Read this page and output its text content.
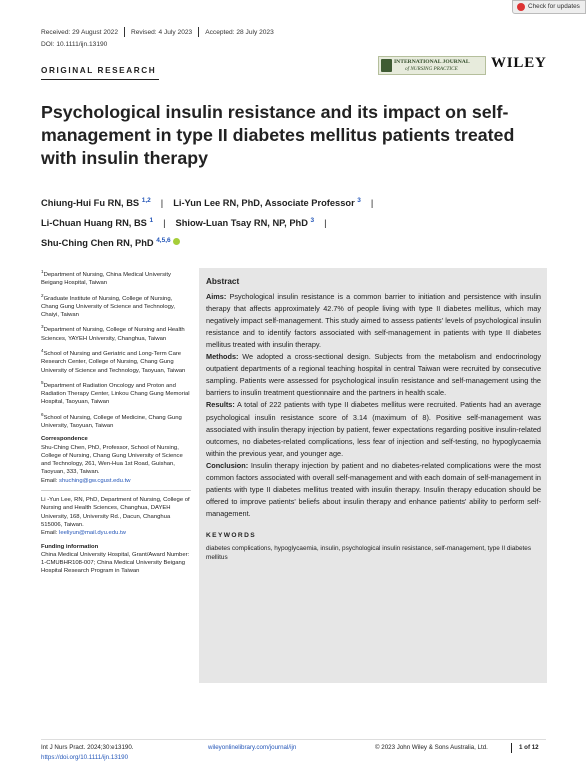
Check for updates
Received: 29 August 2022 Revised: 4 July 2023 Accepted: 28 July 2023
DOI: 10.1111/ijn.13190
ORIGINAL RESEARCH
INTERNATIONAL JOURNAL
of NURSING PRACTICE WILEY
Psychological insulin resistance and its impact on self-management in type II diabetes mellitus patients treated with insulin therapy
Chiung-Hui Fu RN, BS $^{1,2}$ | Li-Yun Lee RN, PhD, Associate Professor $^3$ |
Li-Chuan Huang RN, BS $^1$ | Shiow-Luan Tsay RN, NP, PhD $^3$ |
Shu-Ching Chen RN, PhD $^{4,5,6}$

$^1$Department of Nursing, China Medical University Beigang Hospital, Taiwan

$^2$Graduate Institute of Nursing, College of Nursing, Chang Gung University of Science and Technology, Chaiyi, Taiwan

$^3$Department of Nursing, College of Nursing and Health Sciences, YAYEH University, Changhua, Taiwan

$^4$School of Nursing and Geriatric and Long-Term Care Research Center, College of Nursing, Chang Gung University of Science and Technology, Taoyuan, Taiwan

$^5$Department of Radiation Oncology and Proton and Radiation Therapy Center, Linkou Chang Gung Memorial Hospital, Taoyuan, Taiwan

$^6$School of Nursing, College of Medicine, Chang Gung University, Taoyuan, Taiwan

Correspondence

Shu-Ching Chen, PhD, Professor, School of Nursing, College of Nursing, Chang Gung University of Science and Technology, 261, Wen-Hua 1st Road, Guishan, Taoyuan, 333, Taiwan.
Email: shuching@gw.cgust.edu.tw

Li -Yun Lee, RN, PhD, Department of Nursing, College of Nursing and Health Sciences, Changhua, DAYEH University, 168, University Rd., Dacun, Changhua 515006, Taiwan.
Email: leeliyun@mail.dyu.edu.tw

Funding information

China Medical University Hospital, Grant/Award Number: 1-CMUBHR108-007; China Medical University Beigang Hospital Research Program in Taiwan

Abstract

Aims: Psychological insulin resistance is a common barrier to initiation and persistence with insulin therapy that affects approximately 42.7% of people living with type II diabetes mellitus, which may negatively impact self-management. This study aimed to assess patients' levels of psychological insulin resistance and to identify factors associated with self-management in patients with type II diabetes mellitus treated with insulin therapy.

Methods: We adopted a cross-sectional design. Subjects from the metabolism and endocrinology outpatient departments of a regional teaching hospital in central Taiwan were recruited by consecutive sampling. Patients were assessed for psychological insulin resistance and self-management using the barriers to insulin treatment questionnaire and the partners in health scale.

Results: A total of 222 patients with type II diabetes mellitus were recruited. Patients had an average psychological insulin resistance score of 3.14 (maximum of 8). Positive self-management was associated with insulin therapy injection by patient, fewer expectations regarding positive insulin-related outcomes, no diabetes-related complications, less fear of injection and self-testing, no hypoglycaemia within the previous year, and younger age.

Conclusion: Insulin therapy injection by patient and no diabetes-related complications were the most common factors associated with overall self-management and with each domain of self-management in patients with type II diabetes mellitus treated with insulin therapy. Insulin therapy education should be offered to improve patients' beliefs about insulin therapy and enhance patients' ability to perform self-management.

KEYWORDS
diabetes complications, hypoglycaemia, insulin, psychological insulin resistance, self-management, type II diabetes mellitus
Int J Nurs Pract. 2024;30:e13190.
https://doi.org/10.1111/ijn.13190
wileyonlinelibrary.com/journal/ijn	© 2023 John Wiley & Sons Australia, Ltd.	1 of 12
